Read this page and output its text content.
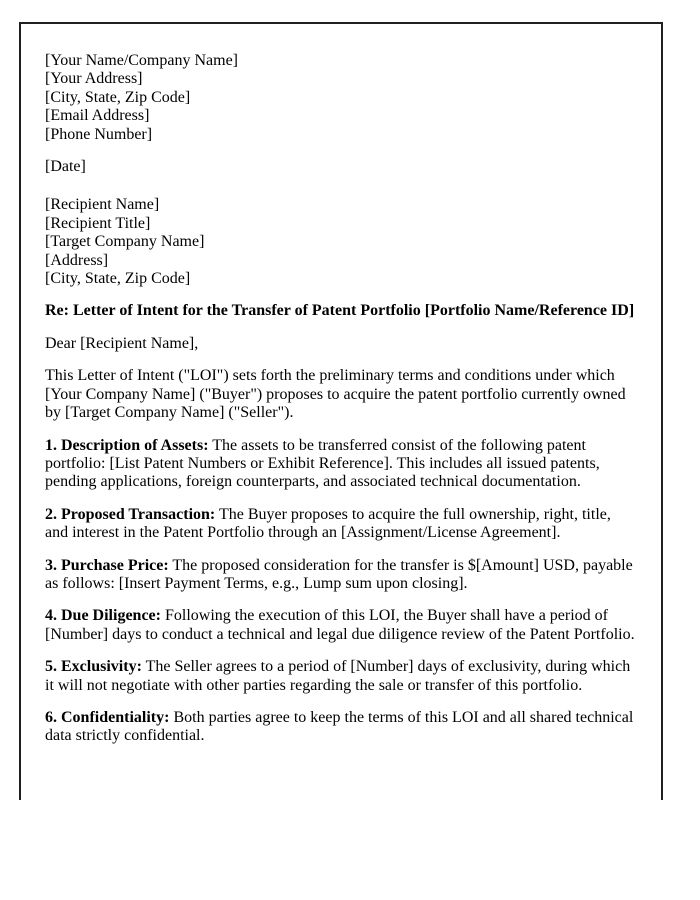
[Your Name/Company Name]
[Your Address]
[City, State, Zip Code]
[Email Address]
[Phone Number]

[Date]

[Recipient Name]
[Recipient Title]
[Target Company Name]
[Address]
[City, State, Zip Code]

Re: Letter of Intent for the Transfer of Patent Portfolio [Portfolio Name/Reference ID]

Dear [Recipient Name],

This Letter of Intent ("LOI") sets forth the preliminary terms and conditions under which [Your Company Name] ("Buyer") proposes to acquire the patent portfolio currently owned by [Target Company Name] ("Seller").

1. Description of Assets: The assets to be transferred consist of the following patent portfolio: [List Patent Numbers or Exhibit Reference]. This includes all issued patents, pending applications, foreign counterparts, and associated technical documentation.

2. Proposed Transaction: The Buyer proposes to acquire the full ownership, right, title, and interest in the Patent Portfolio through an [Assignment/License Agreement].

3. Purchase Price: The proposed consideration for the transfer is $[Amount] USD, payable as follows: [Insert Payment Terms, e.g., Lump sum upon closing].

4. Due Diligence: Following the execution of this LOI, the Buyer shall have a period of [Number] days to conduct a technical and legal due diligence review of the Patent Portfolio.

5. Exclusivity: The Seller agrees to a period of [Number] days of exclusivity, during which it will not negotiate with other parties regarding the sale or transfer of this portfolio.

6. Confidentiality: Both parties agree to keep the terms of this LOI and all shared technical data strictly confidential.
